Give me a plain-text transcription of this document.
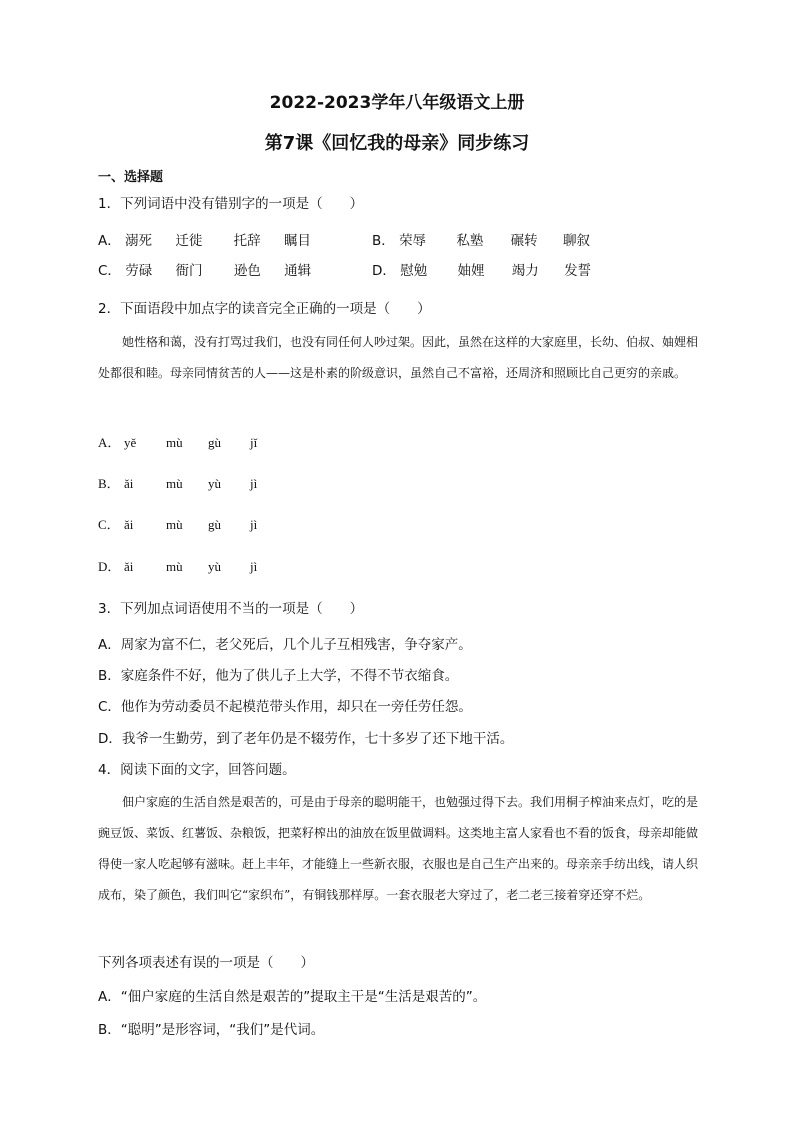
2022-2023学年八年级语文上册
第7课《回忆我的母亲》同步练习
一、选择题
1．下列词语中没有错别字的一项是（　　）
A． 溺死 迁徙 托辞 瞩目	B． 荣辱 私塾 碾转 聊叙
C． 劳碌 衙门 逊色 通辑	D． 慰勉 妯娌 竭力 发誓
2．下面语段中加点字的读音完全正确的一项是（　　）

她性格和蔼，没有打骂过我们，也没有同任何人吵过架。因此，虽然在这样的大家庭里，长幼、伯叔、妯娌相处都很和睦。母亲同情贫苦的人——这是朴素的阶级意识，虽然自己不富裕，还周济和照顾比自己更穷的亲戚。

A． yě mù gù jǐ
B． ǎi	mù yù jì
C． ǎi	mù gù jì
D． ǎi	mù yù jì
3．下列加点词语使用不当的一项是（　　）
A．周家为富不仁，老父死后，几个儿子互相残害，争夺家产。
B．家庭条件不好，他为了供儿子上大学，不得不节衣缩食。
C．他作为劳动委员不起模范带头作用，却只在一旁任劳任怨。
D．我爷一生勤劳，到了老年仍是不辍劳作，七十多岁了还下地干活。
4．阅读下面的文字，回答问题。

佃户家庭的生活自然是艰苦的，可是由于母亲的聪明能干，也勉强过得下去。我们用桐子榨油来点灯，吃的是豌豆饭、菜饭、红薯饭、杂粮饭，把菜籽榨出的油放在饭里做调料。这类地主富人家看也不看的饭食，母亲却能做得使一家人吃起够有滋味。赶上丰年，才能缝上一些新衣服，衣服也是自己生产出来的。母亲亲手纺出线，请人织成布，染了颜色，我们叫它“家织布”，有铜钱那样厚。一套衣服老大穿过了，老二老三接着穿还穿不烂。

下列各项表述有误的一项是（　　）
A．“佃户家庭的生活自然是艰苦的”提取主干是“生活是艰苦的”。
B．“聪明”是形容词，“我们”是代词。
